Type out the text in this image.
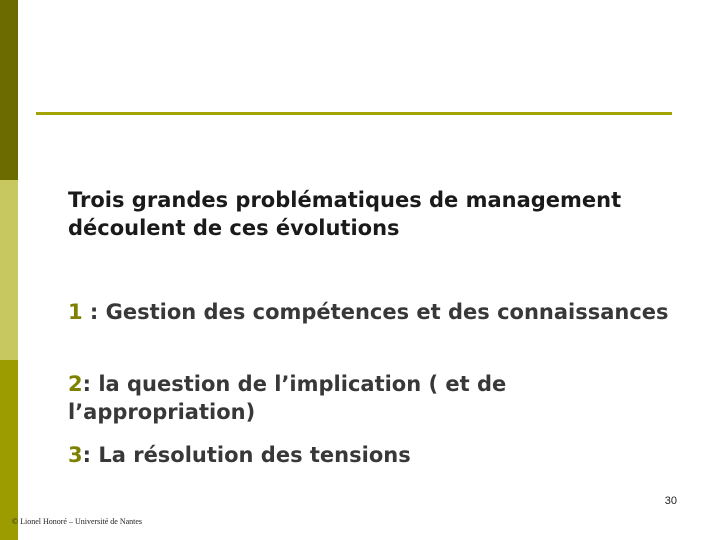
Trois grandes problématiques de management découlent de ces évolutions

1 : Gestion des compétences et des connaissances

2: la question de l’implication ( et de l’appropriation)

3: La résolution des tensions

30
© Lionel Honoré – Université de Nantes
